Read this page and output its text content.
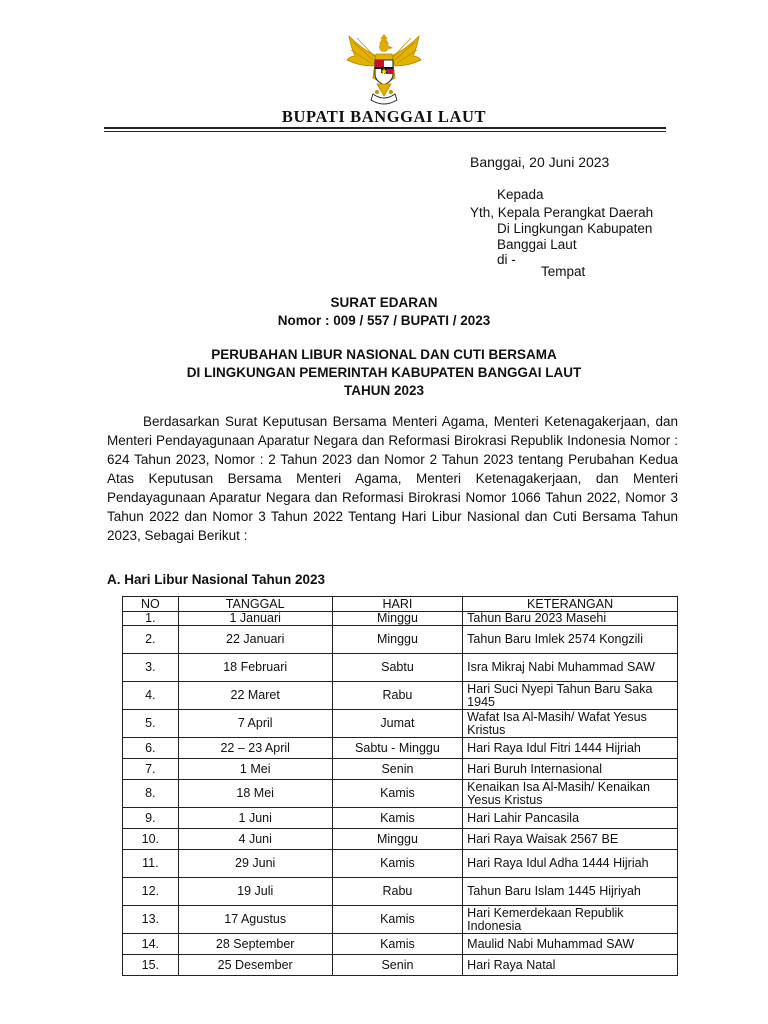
BUPATI BANGGAI LAUT
Banggai, 20 Juni 2023
Kepada
Yth, Kepala Perangkat Daerah
Di Lingkungan Kabupaten
Banggai Laut
di -
Tempat
SURAT EDARAN
Nomor : 009 / 557 / BUPATI / 2023
PERUBAHAN LIBUR NASIONAL DAN CUTI BERSAMA
DI LINGKUNGAN PEMERINTAH KABUPATEN BANGGAI LAUT
TAHUN 2023
Berdasarkan Surat Keputusan Bersama Menteri Agama, Menteri Ketenagakerjaan, dan Menteri Pendayagunaan Aparatur Negara dan Reformasi Birokrasi Republik Indonesia Nomor : 624 Tahun 2023, Nomor : 2 Tahun 2023 dan Nomor 2 Tahun 2023 tentang Perubahan Kedua Atas Keputusan Bersama Menteri Agama, Menteri Ketenagakerjaan, dan Menteri Pendayagunaan Aparatur Negara dan Reformasi Birokrasi Nomor 1066 Tahun 2022, Nomor 3 Tahun 2022 dan Nomor 3 Tahun 2022 Tentang Hari Libur Nasional dan Cuti Bersama Tahun 2023, Sebagai Berikut :
A. Hari Libur Nasional Tahun 2023
NO	TANGGAL	HARI	KETERANGAN
1.	1 Januari	Minggu	Tahun Baru 2023 Masehi
2.	22 Januari	Minggu	Tahun Baru Imlek 2574 Kongzili
3.	18 Februari	Sabtu	Isra Mikraj Nabi Muhammad SAW
4.	22 Maret	Rabu	Hari Suci Nyepi Tahun Baru Saka 1945
5.	7 April	Jumat	Wafat Isa Al-Masih/ Wafat Yesus Kristus
6.	22 – 23 April	Sabtu - Minggu	Hari Raya Idul Fitri 1444 Hijriah
7.	1 Mei	Senin	Hari Buruh Internasional
8.	18 Mei	Kamis	Kenaikan Isa Al-Masih/ Kenaikan Yesus Kristus
9.	1 Juni	Kamis	Hari Lahir Pancasila
10.	4 Juni	Minggu	Hari Raya Waisak 2567 BE
11.	29 Juni	Kamis	Hari Raya Idul Adha 1444 Hijriah
12.	19 Juli	Rabu	Tahun Baru Islam 1445 Hijriyah
13.	17 Agustus	Kamis	Hari Kemerdekaan Republik Indonesia
14.	28 September	Kamis	Maulid Nabi Muhammad SAW
15.	25 Desember	Senin	Hari Raya Natal
